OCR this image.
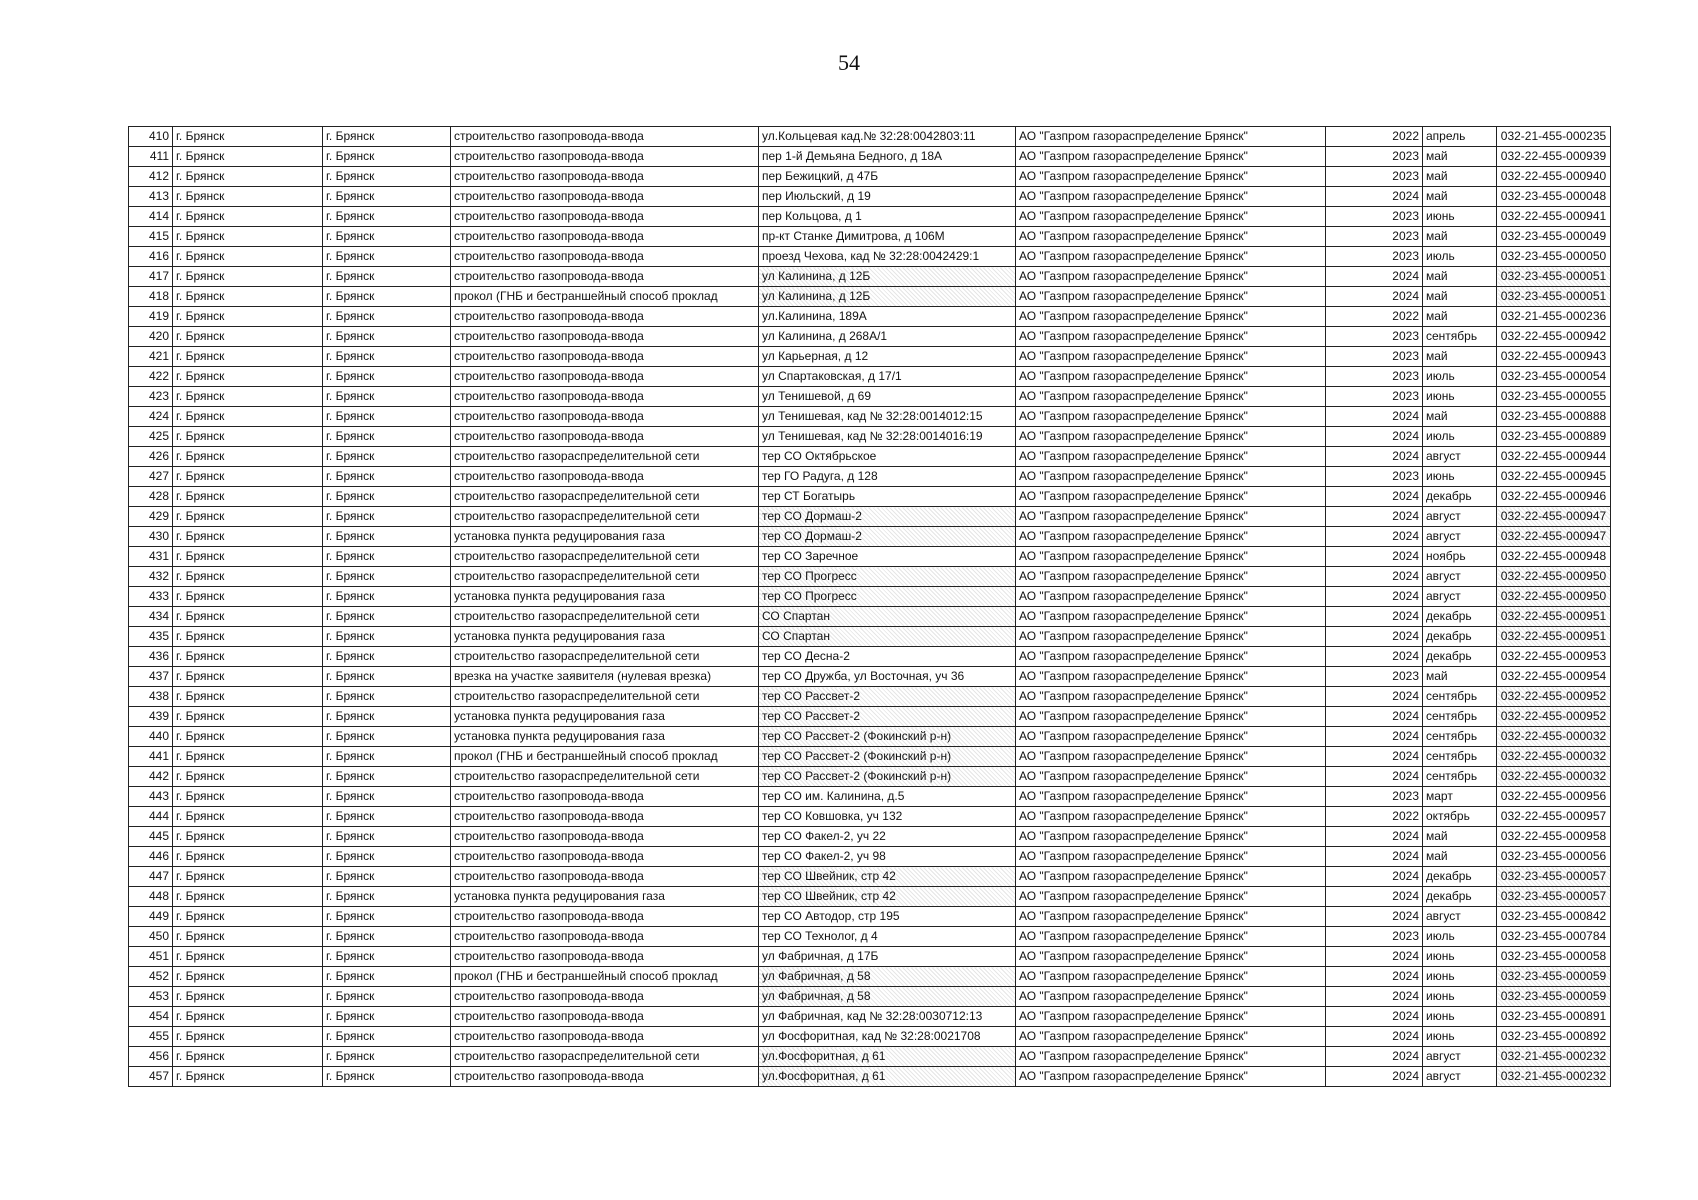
54
410	г. Брянск	г. Брянск	строительство газопровода-ввода	ул.Кольцевая кад.№ 32:28:0042803:11	АО "Газпром газораспределение Брянск"	2022	апрель	032-21-455-000235
411	г. Брянск	г. Брянск	строительство газопровода-ввода	пер 1-й Демьяна Бедного, д 18А	АО "Газпром газораспределение Брянск"	2023	май	032-22-455-000939
412	г. Брянск	г. Брянск	строительство газопровода-ввода	пер Бежицкий, д 47Б	АО "Газпром газораспределение Брянск"	2023	май	032-22-455-000940
413	г. Брянск	г. Брянск	строительство газопровода-ввода	пер Июльский, д 19	АО "Газпром газораспределение Брянск"	2024	май	032-23-455-000048
414	г. Брянск	г. Брянск	строительство газопровода-ввода	пер Кольцова, д 1	АО "Газпром газораспределение Брянск"	2023	июнь	032-22-455-000941
415	г. Брянск	г. Брянск	строительство газопровода-ввода	пр-кт Станке Димитрова, д 106М	АО "Газпром газораспределение Брянск"	2023	май	032-23-455-000049
416	г. Брянск	г. Брянск	строительство газопровода-ввода	проезд Чехова, кад № 32:28:0042429:1	АО "Газпром газораспределение Брянск"	2023	июль	032-23-455-000050
417	г. Брянск	г. Брянск	строительство газопровода-ввода	ул Калинина, д 12Б	АО "Газпром газораспределение Брянск"	2024	май	032-23-455-000051
418	г. Брянск	г. Брянск	прокол (ГНБ и бестраншейный способ проклад	ул Калинина, д 12Б	АО "Газпром газораспределение Брянск"	2024	май	032-23-455-000051
419	г. Брянск	г. Брянск	строительство газопровода-ввода	ул.Калинина, 189А	АО "Газпром газораспределение Брянск"	2022	май	032-21-455-000236
420	г. Брянск	г. Брянск	строительство газопровода-ввода	ул Калинина, д 268А/1	АО "Газпром газораспределение Брянск"	2023	сентябрь	032-22-455-000942
421	г. Брянск	г. Брянск	строительство газопровода-ввода	ул Карьерная, д 12	АО "Газпром газораспределение Брянск"	2023	май	032-22-455-000943
422	г. Брянск	г. Брянск	строительство газопровода-ввода	ул Спартаковская, д 17/1	АО "Газпром газораспределение Брянск"	2023	июль	032-23-455-000054
423	г. Брянск	г. Брянск	строительство газопровода-ввода	ул Тенишевой, д 69	АО "Газпром газораспределение Брянск"	2023	июнь	032-23-455-000055
424	г. Брянск	г. Брянск	строительство газопровода-ввода	ул Тенишевая, кад № 32:28:0014012:15	АО "Газпром газораспределение Брянск"	2024	май	032-23-455-000888
425	г. Брянск	г. Брянск	строительство газопровода-ввода	ул Тенишевая, кад № 32:28:0014016:19	АО "Газпром газораспределение Брянск"	2024	июль	032-23-455-000889
426	г. Брянск	г. Брянск	строительство газораспределительной сети	тер СО Октябрьское	АО "Газпром газораспределение Брянск"	2024	август	032-22-455-000944
427	г. Брянск	г. Брянск	строительство газопровода-ввода	тер ГО Радуга, д 128	АО "Газпром газораспределение Брянск"	2023	июнь	032-22-455-000945
428	г. Брянск	г. Брянск	строительство газораспределительной сети	тер СТ Богатырь	АО "Газпром газораспределение Брянск"	2024	декабрь	032-22-455-000946
429	г. Брянск	г. Брянск	строительство газораспределительной сети	тер СО Дормаш-2	АО "Газпром газораспределение Брянск"	2024	август	032-22-455-000947
430	г. Брянск	г. Брянск	установка пункта редуцирования газа	тер СО Дормаш-2	АО "Газпром газораспределение Брянск"	2024	август	032-22-455-000947
431	г. Брянск	г. Брянск	строительство газораспределительной сети	тер СО Заречное	АО "Газпром газораспределение Брянск"	2024	ноябрь	032-22-455-000948
432	г. Брянск	г. Брянск	строительство газораспределительной сети	тер СО Прогресс	АО "Газпром газораспределение Брянск"	2024	август	032-22-455-000950
433	г. Брянск	г. Брянск	установка пункта редуцирования газа	тер СО Прогресс	АО "Газпром газораспределение Брянск"	2024	август	032-22-455-000950
434	г. Брянск	г. Брянск	строительство газораспределительной сети	СО Спартан	АО "Газпром газораспределение Брянск"	2024	декабрь	032-22-455-000951
435	г. Брянск	г. Брянск	установка пункта редуцирования газа	СО Спартан	АО "Газпром газораспределение Брянск"	2024	декабрь	032-22-455-000951
436	г. Брянск	г. Брянск	строительство газораспределительной сети	тер СО Десна-2	АО "Газпром газораспределение Брянск"	2024	декабрь	032-22-455-000953
437	г. Брянск	г. Брянск	врезка на участке заявителя (нулевая врезка)	тер СО Дружба, ул Восточная, уч 36	АО "Газпром газораспределение Брянск"	2023	май	032-22-455-000954
438	г. Брянск	г. Брянск	строительство газораспределительной сети	тер СО Рассвет-2	АО "Газпром газораспределение Брянск"	2024	сентябрь	032-22-455-000952
439	г. Брянск	г. Брянск	установка пункта редуцирования газа	тер СО Рассвет-2	АО "Газпром газораспределение Брянск"	2024	сентябрь	032-22-455-000952
440	г. Брянск	г. Брянск	установка пункта редуцирования газа	тер СО Рассвет-2 (Фокинский р-н)	АО "Газпром газораспределение Брянск"	2024	сентябрь	032-22-455-000032
441	г. Брянск	г. Брянск	прокол (ГНБ и бестраншейный способ проклад	тер СО Рассвет-2 (Фокинский р-н)	АО "Газпром газораспределение Брянск"	2024	сентябрь	032-22-455-000032
442	г. Брянск	г. Брянск	строительство газораспределительной сети	тер СО Рассвет-2 (Фокинский р-н)	АО "Газпром газораспределение Брянск"	2024	сентябрь	032-22-455-000032
443	г. Брянск	г. Брянск	строительство газопровода-ввода	тер СО им. Калинина, д.5	АО "Газпром газораспределение Брянск"	2023	март	032-22-455-000956
444	г. Брянск	г. Брянск	строительство газопровода-ввода	тер СО Ковшовка, уч 132	АО "Газпром газораспределение Брянск"	2022	октябрь	032-22-455-000957
445	г. Брянск	г. Брянск	строительство газопровода-ввода	тер СО Факел-2, уч 22	АО "Газпром газораспределение Брянск"	2024	май	032-22-455-000958
446	г. Брянск	г. Брянск	строительство газопровода-ввода	тер СО Факел-2, уч 98	АО "Газпром газораспределение Брянск"	2024	май	032-23-455-000056
447	г. Брянск	г. Брянск	строительство газопровода-ввода	тер СО Швейник, стр 42	АО "Газпром газораспределение Брянск"	2024	декабрь	032-23-455-000057
448	г. Брянск	г. Брянск	установка пункта редуцирования газа	тер СО Швейник, стр 42	АО "Газпром газораспределение Брянск"	2024	декабрь	032-23-455-000057
449	г. Брянск	г. Брянск	строительство газопровода-ввода	тер СО Автодор, стр 195	АО "Газпром газораспределение Брянск"	2024	август	032-23-455-000842
450	г. Брянск	г. Брянск	строительство газопровода-ввода	тер СО Технолог, д 4	АО "Газпром газораспределение Брянск"	2023	июль	032-23-455-000784
451	г. Брянск	г. Брянск	строительство газопровода-ввода	ул Фабричная, д 17Б	АО "Газпром газораспределение Брянск"	2024	июнь	032-23-455-000058
452	г. Брянск	г. Брянск	прокол (ГНБ и бестраншейный способ проклад	ул Фабричная, д 58	АО "Газпром газораспределение Брянск"	2024	июнь	032-23-455-000059
453	г. Брянск	г. Брянск	строительство газопровода-ввода	ул Фабричная, д 58	АО "Газпром газораспределение Брянск"	2024	июнь	032-23-455-000059
454	г. Брянск	г. Брянск	строительство газопровода-ввода	ул Фабричная, кад № 32:28:0030712:13	АО "Газпром газораспределение Брянск"	2024	июнь	032-23-455-000891
455	г. Брянск	г. Брянск	строительство газопровода-ввода	ул Фосфоритная, кад № 32:28:0021708	АО "Газпром газораспределение Брянск"	2024	июнь	032-23-455-000892
456	г. Брянск	г. Брянск	строительство газораспределительной сети	ул.Фосфоритная, д 61	АО "Газпром газораспределение Брянск"	2024	август	032-21-455-000232
457	г. Брянск	г. Брянск	строительство газопровода-ввода	ул.Фосфоритная, д 61	АО "Газпром газораспределение Брянск"	2024	август	032-21-455-000232
